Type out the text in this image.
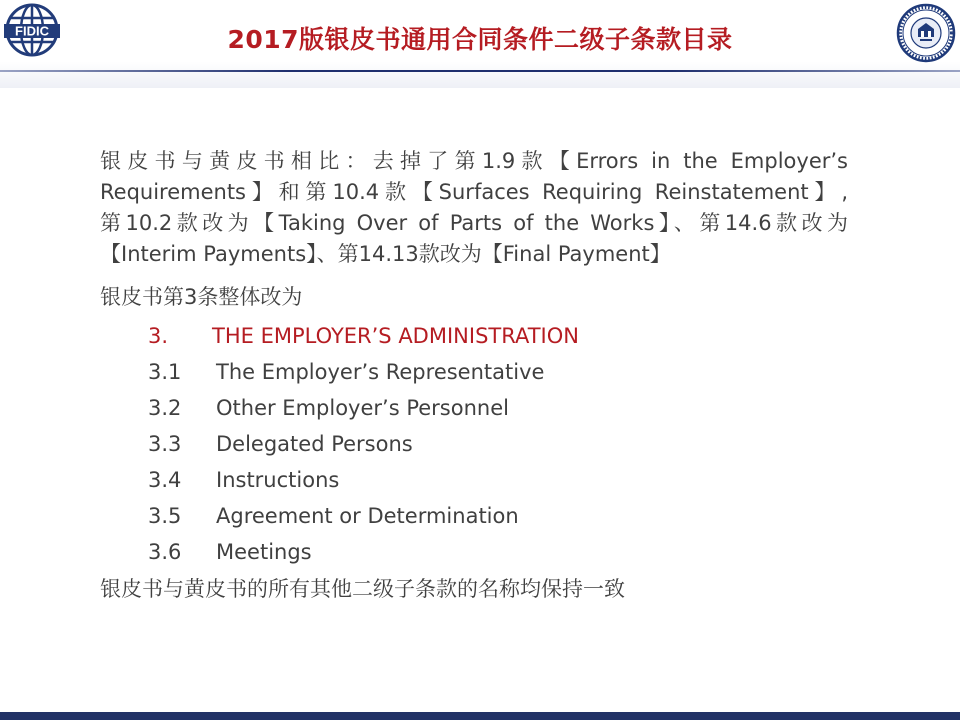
FIDIC	2017版银皮书通用合同条件二级子条款目录

银皮书与黄皮书相比：去掉了第1.9款【Errors in the Employer’s
Requirements】和第10.4款【Surfaces Requiring Reinstatement】,
第10.2款改为【Taking Over of Parts of the Works】、第14.6款改为
【Interim Payments】、第14.13款改为【Final Payment】

银皮书第3条整体改为

3.	THE EMPLOYER’S ADMINISTRATION
3.1	The Employer’s Representative
3.2	Other Employer’s Personnel
3.3	Delegated Persons
3.4	Instructions
3.5	Agreement or Determination
3.6	Meetings

银皮书与黄皮书的所有其他二级子条款的名称均保持一致
